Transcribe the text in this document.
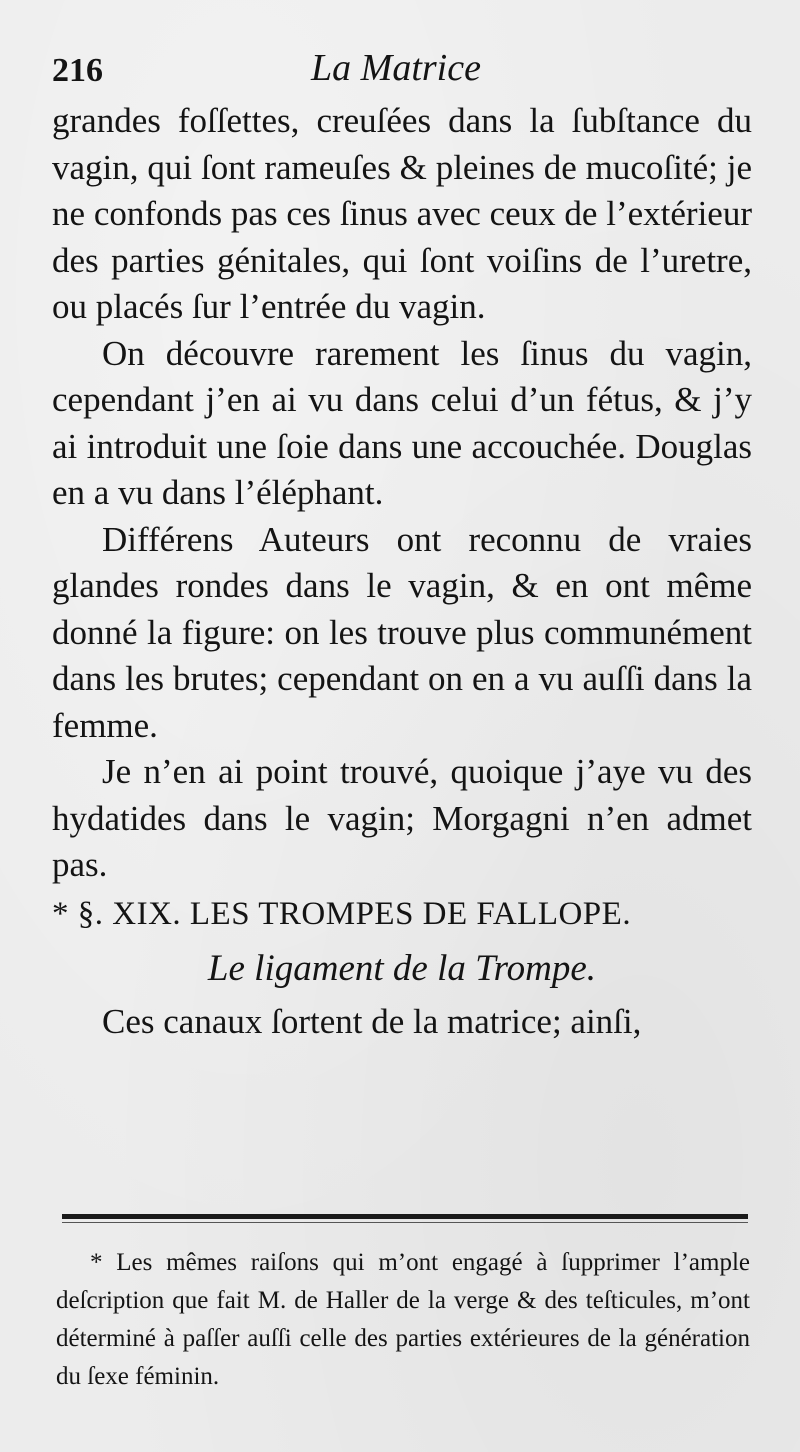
216	La Matrice

grandes foſſettes, creuſées dans la ſubſtance du vagin, qui ſont rameuſes & pleines de mucoſité; je ne confonds pas ces ſinus avec ceux de l’extérieur des parties génitales, qui ſont voiſins de l’uretre, ou placés ſur l’entrée du vagin.

On découvre rarement les ſinus du vagin, cependant j’en ai vu dans celui d’un fétus, & j’y ai introduit une ſoie dans une accouchée. Douglas en a vu dans l’éléphant.

Différens Auteurs ont reconnu de vraies glandes rondes dans le vagin, & en ont même donné la figure: on les trouve plus communément dans les brutes; cependant on en a vu auſſi dans la femme.

Je n’en ai point trouvé, quoique j’aye vu des hydatides dans le vagin; Morgagni n’en admet pas.

* §. XIX. LES TROMPES DE FALLOPE.

Le ligament de la Trompe.

Ces canaux ſortent de la matrice; ainſi,

* Les mêmes raiſons qui m’ont engagé à ſupprimer l’ample deſcription que fait M. de Haller de la verge & des teſticules, m’ont déterminé à paſſer auſſi celle des parties extérieures de la génération du ſexe féminin.
